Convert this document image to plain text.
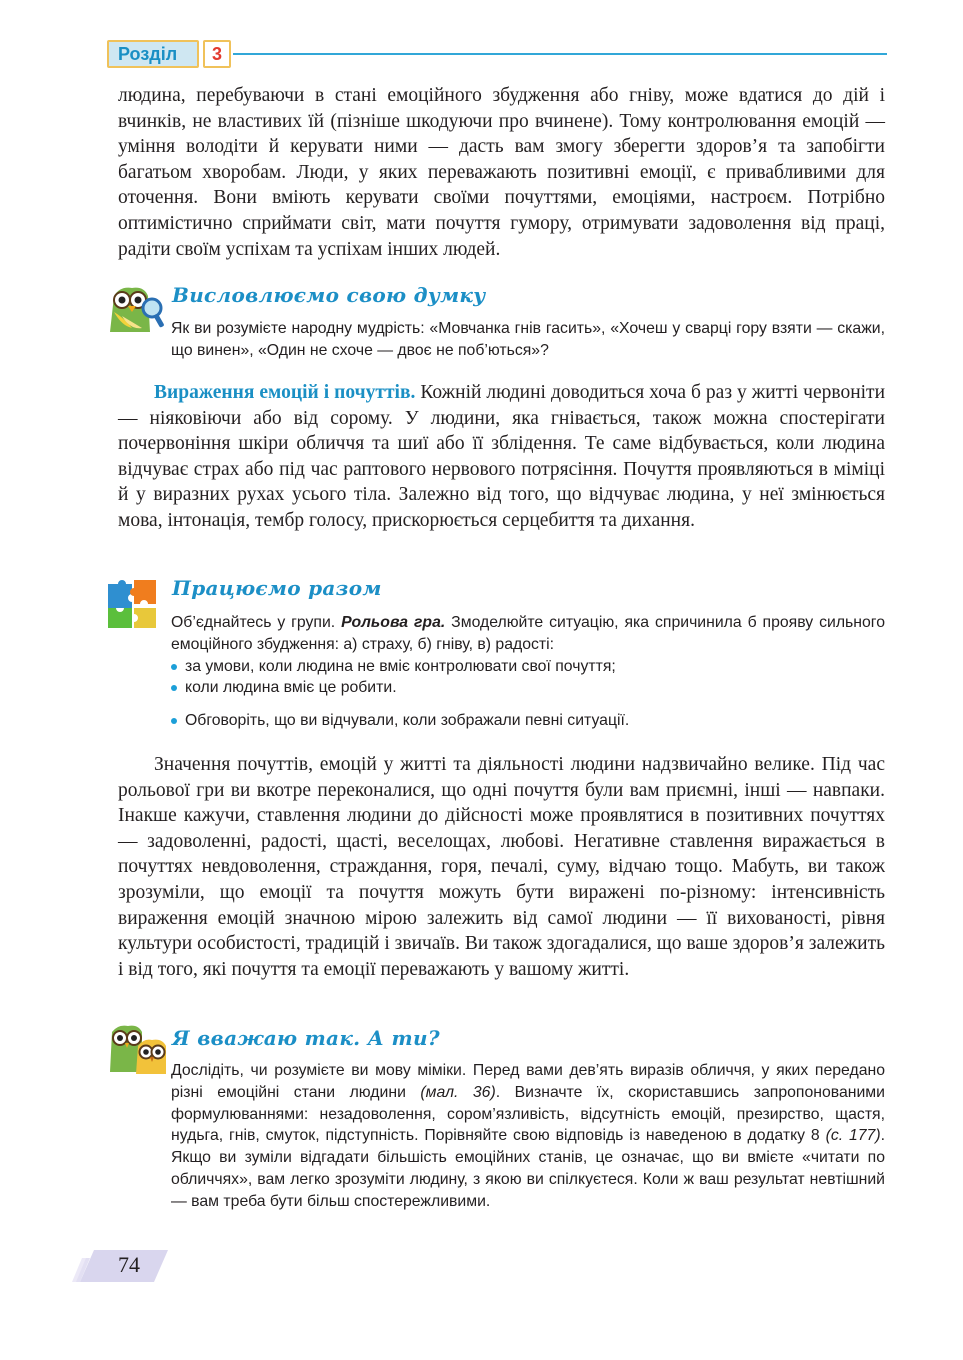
Розділ	3

людина, перебуваючи в стані емоційного збудження або гніву, може вдатися до дій і вчинків, не властивих їй (пізніше шкодуючи про вчинене). Тому контролювання емоцій — уміння володіти й керувати ними — дасть вам змогу зберегти здоров’я та запобігти багатьом хворобам. Люди, у яких переважають позитивні емоції, є привабливими для оточення. Вони вміють керувати своїми почуттями, емоціями, настроєм. Потрібно оптимістично сприймати світ, мати почуття гумору, отримувати задоволення від праці, радіти своїм успіхам та успіхам інших людей.

Висловлюємо свою думку

Як ви розумієте народну мудрість: «Мовчанка гнів гасить», «Хочеш у сварці гору взяти — скажи, що винен», «Один не схоче — двоє не поб’ються»?

Вираження емоцій і почуттів. Кожній людині доводиться хоча б раз у житті червоніти — ніяковіючи або від сорому. У людини, яка гнівається, також можна спостерігати почервоніння шкіри обличчя та шиї або її зблідення. Те саме відбувається, коли людина відчуває страх або під час раптового нервового потрясіння. Почуття проявляються в міміці й у виразних рухах усього тіла. Залежно від того, що відчуває людина, у неї змінюється мова, інтонація, тембр голосу, прискорюється серцебиття та дихання.

Працюємо разом

Об’єднайтесь у групи. Рольова гра. Змоделюйте ситуацію, яка спричинила б прояву сильного емоційного збудження: а) страху, б) гніву, в) радості:

за умови, коли людина не вміє контролювати свої почуття;
коли людина вміє це робити.
Обговоріть, що ви відчували, коли зображали певні ситуації.

Значення почуттів, емоцій у житті та діяльності людини надзвичайно велике. Під час рольової гри ви вкотре переконалися, що одні почуття були вам приємні, інші — навпаки. Інакше кажучи, ставлення людини до дійсності може проявлятися в позитивних почуттях — задоволенні, радості, щасті, веселощах, любові. Негативне ставлення виражається в почуттях невдоволення, страждання, горя, печалі, суму, відчаю тощо. Мабуть, ви також зрозуміли, що емоції та почуття можуть бути виражені по-різному: інтенсивність вираження емоцій значною мірою залежить від самої людини — її вихованості, рівня культури особистості, традицій і звичаїв. Ви також здогадалися, що ваше здоров’я залежить і від того, які почуття та емоції переважають у вашому житті.

Я вважаю так. А ти?

Дослідіть, чи розумієте ви мову міміки. Перед вами дев’ять виразів обличчя, у яких передано різні емоційні стани людини (мал. 36). Визначте їх, скориставшись запропонованими формулюваннями: незадоволення, сором’язливість, відсутність емоцій, презирство, щастя, нудьга, гнів, смуток, підступність. Порівняйте свою відповідь із наведеною в додатку 8 (с. 177). Якщо ви зуміли відгадати більшість емоційних станів, це означає, що ви вмієте «читати по обличчях», вам легко зрозуміти людину, з якою ви спілкуєтеся. Коли ж ваш результат невтішний — вам треба бути більш спостережливими.

74
